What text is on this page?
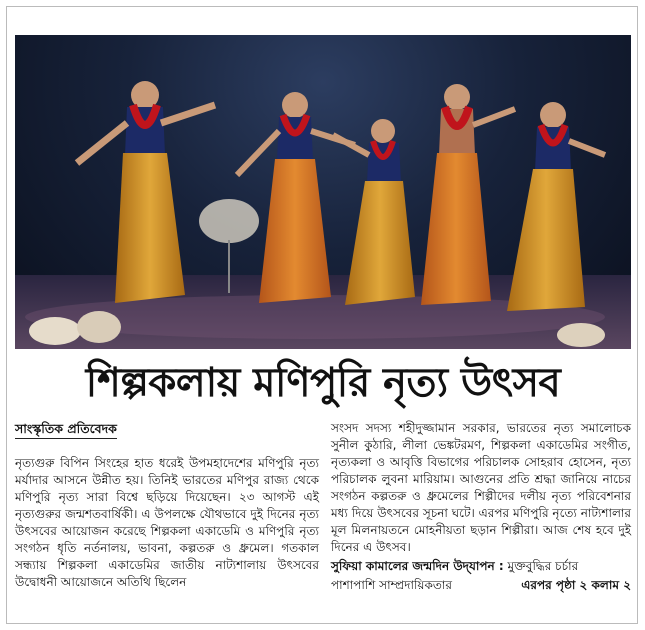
শিল্পকলায় মণিপুরি নৃত্য উৎসব
সাংস্কৃতিক প্রতিবেদক

নৃত্যগুরু বিপিন সিংহের হাত ধরেই উপমহাদেশের মণিপুরি নৃত্য মর্যাদার আসনে উন্নীত হয়। তিনিই ভারতের মণিপুর রাজ্য থেকে মণিপুরি নৃত্য সারা বিশ্বে ছড়িয়ে দিয়েছেন। ২৩ আগস্ট এই নৃত্যগুরুর জন্মশতবার্ষিকী। এ উপলক্ষে যৌথভাবে দুই দিনের নৃত্য উৎসবের আয়োজন করেছে শিল্পকলা একাডেমি ও মণিপুরি নৃত্য সংগঠন ধৃতি নর্তনালয়, ভাবনা, কল্পতরু ও ধ্রুমেল। গতকাল সন্ধ্যায় শিল্পকলা একাডেমির জাতীয় নাট্যশালায় উৎসবের উদ্বোধনী আয়োজনে অতিথি ছিলেন

সংসদ সদস্য শহীদুজ্জামান সরকার, ভারতের নৃত্য সমালোচক সুনীল কুঠারি, লীলা ভেঙ্কটরমণ, শিল্পকলা একাডেমির সংগীত, নৃত্যকলা ও আবৃত্তি বিভাগের পরিচালক সোহরাব হোসেন, নৃত্য পরিচালক লুবনা মারিয়াম। আগুনের প্রতি শ্রদ্ধা জানিয়ে নাচের সংগঠন কল্পতরু ও ধ্রুমেলের শিল্পীদের দলীয় নৃত্য পরিবেশনার মধ্য দিয়ে উৎসবের সূচনা ঘটে। এরপর মণিপুরি নৃত্যে নাট্যশালার মূল মিলনায়তনে মোহনীয়তা ছড়ান শিল্পীরা। আজ শেষ হবে দুই দিনের এ উৎসব।

সুফিয়া কামালের জন্মদিন উদ্‌যাপন : মুক্তবুদ্ধির চর্চার
পাশাপাশি সাম্প্রদায়িকতার	এরপর পৃষ্ঠা ২ কলাম ২
